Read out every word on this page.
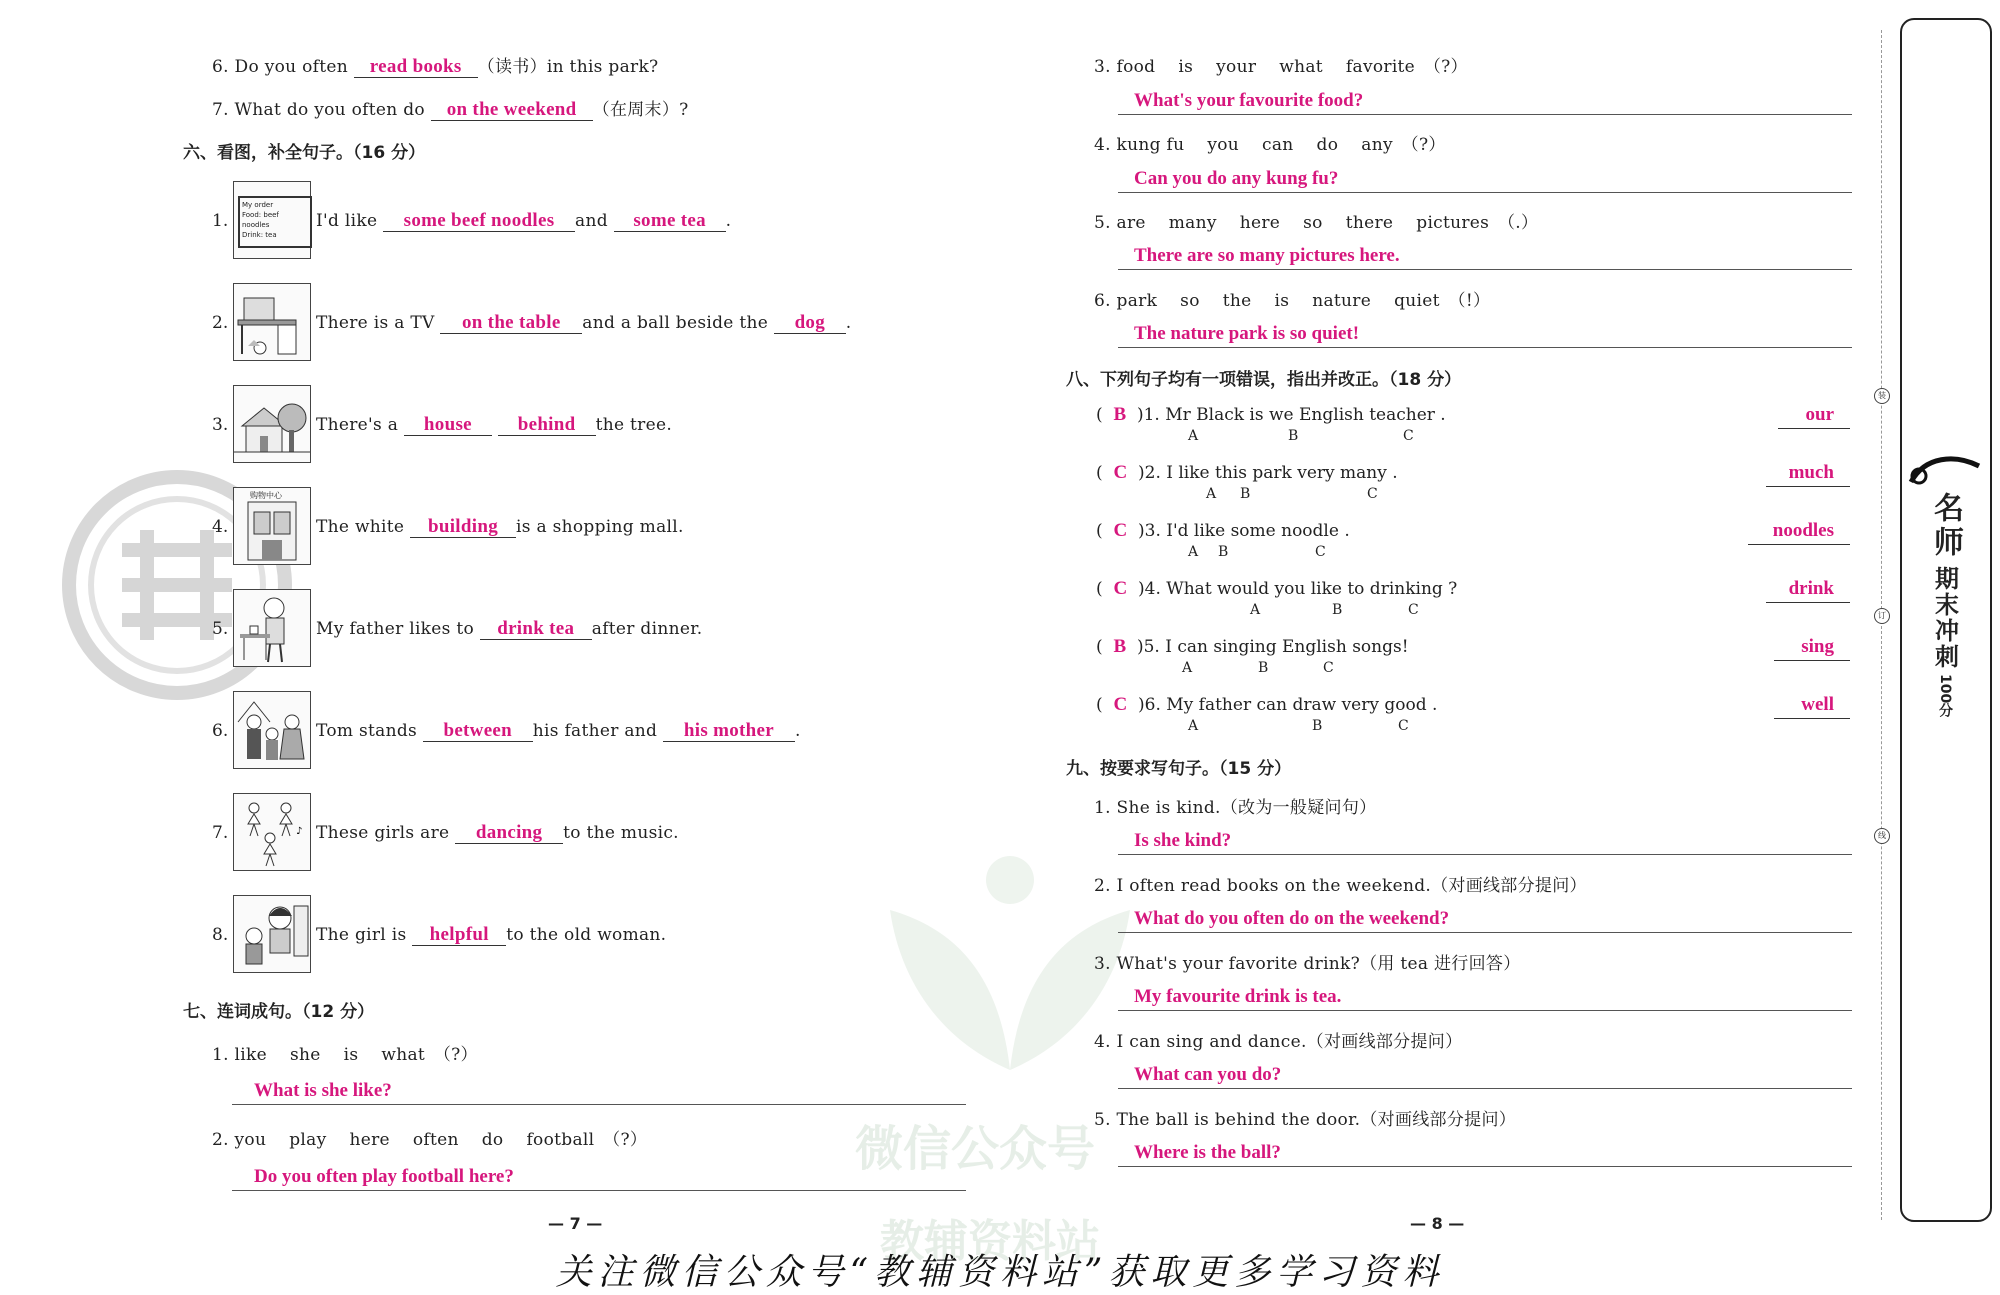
微信公众号
教辅资料站
6. Do you often read books （读书）in this park?
7. What do you often do on the weekend （在周末）?
六、看图，补全句子。（16 分）
1.
My order
Food: beef noodles
Drink: tea
I'd like some beef noodles and some tea .
2.	There is a TV on the table and a ball beside the dog .
3.	There's a house behind the tree.
4.
购物中心
The white building is a shopping mall.
5.	My father likes to drink tea after dinner.
6.	Tom stands between his father and his mother .
7.	♪ These girls are dancing to the music.
8.	The girl is helpful to the old woman.
七、连词成句。（12 分）
1. like　 she　 is　 what　（?）
What is she like?
2. you　 play　 here　 often　 do　 football　（?）
Do you often play football here?
— 7 —
3. food　 is　 your　 what　 favorite　（?）
What's your favourite food?
4. kung fu　 you　 can　 do　 any　（?）
Can you do any kung fu?
5. are　 many　 here　 so　 there　 pictures　（.）
There are so many pictures here.
6. park　 so　 the　 is　 nature　 quiet　（!）
The nature park is so quiet!
八、下列句子均有一项错误，指出并改正。（18 分）
(  B )1. Mr Black is we English teacher .
A	B	C
our
(  C )2. I like this park very many .
A B	C
much
(  C )3. I'd like some noodle .
A B	C
noodles
(  C )4. What would you like to drinking ?
A	B	C
drink
(  B )5. I can singing English songs!
A	B	C
sing
(  C )6. My father can draw very good .
A	B	C
well
九、按要求写句子。（15 分）
1. She is kind.（改为一般疑问句）
Is she kind?
2. I often read books on the weekend.（对画线部分提问）
What do you often do on the weekend?
3. What's your favorite drink?（用 tea 进行回答）
My favourite drink is tea.
4. I can sing and dance.（对画线部分提问）
What can you do?
5. The ball is behind the door.（对画线部分提问）
Where is the ball?
— 8 —
装
订
线
名师
期末冲刺
100分
关注微信公众号“教辅资料站”获取更多学习资料
